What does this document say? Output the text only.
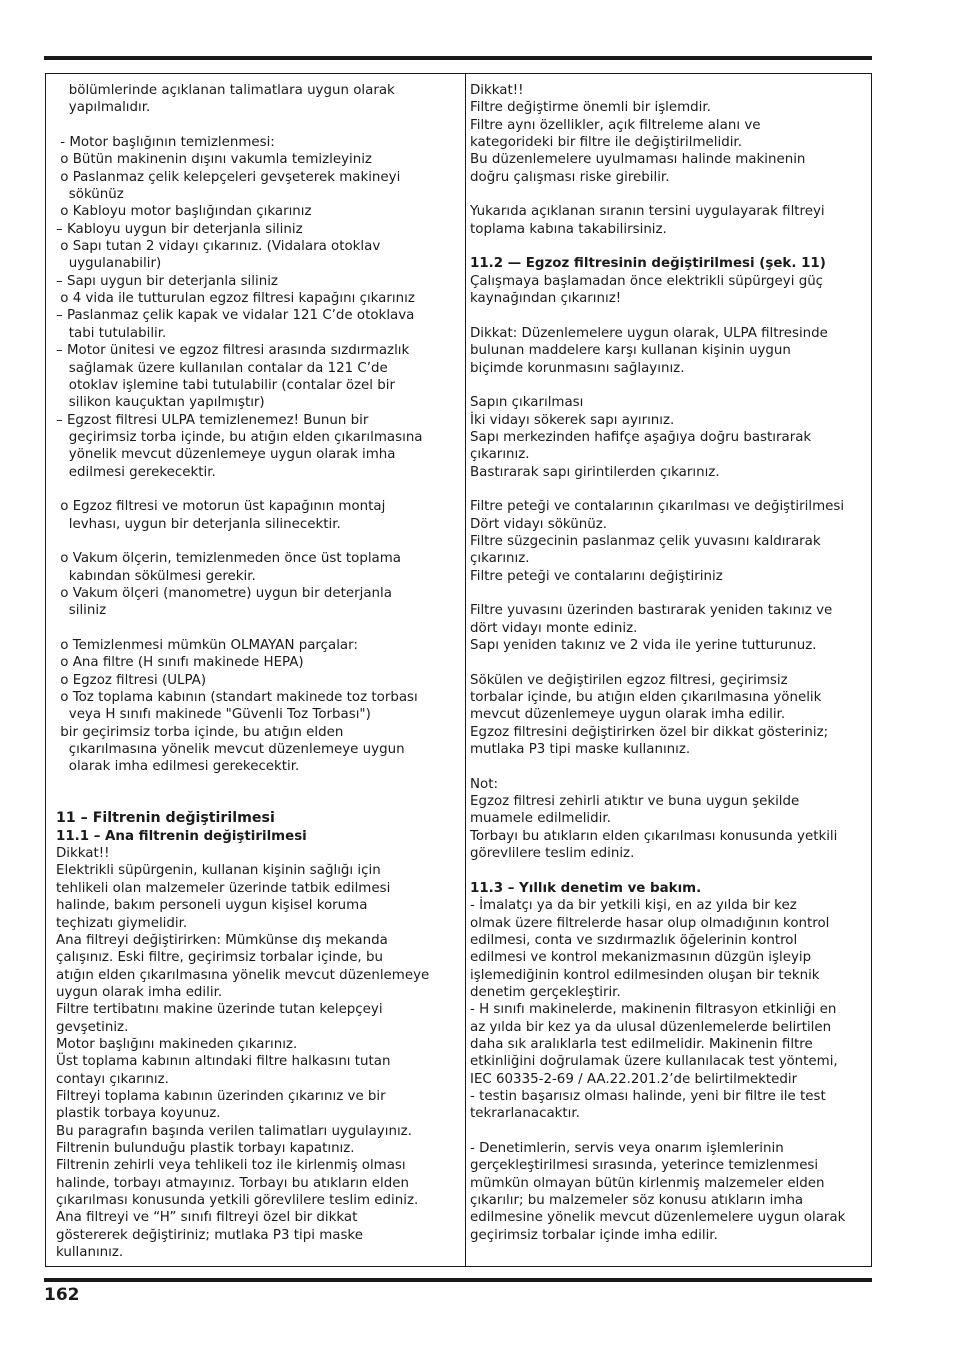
bölümlerinde açıklanan talimatlara uygun olarak
yapılmalıdır.
- Motor başlığının temizlenmesi:
o Bütün makinenin dışını vakumla temizleyiniz
o Paslanmaz çelik kelepçeleri gevşeterek makineyi
sökünüz
o Kabloyu motor başlığından çıkarınız
– Kabloyu uygun bir deterjanla siliniz
o Sapı tutan 2 vidayı çıkarınız. (Vidalara otoklav
uygulanabilir)
– Sapı uygun bir deterjanla siliniz
o 4 vida ile tutturulan egzoz filtresi kapağını çıkarınız
– Paslanmaz çelik kapak ve vidalar 121 C’de otoklava
tabi tutulabilir.
– Motor ünitesi ve egzoz filtresi arasında sızdırmazlık
sağlamak üzere kullanılan contalar da 121 C’de
otoklav işlemine tabi tutulabilir (contalar özel bir
silikon kauçuktan yapılmıştır)
– Egzost filtresi ULPA temizlenemez! Bunun bir
geçirimsiz torba içinde, bu atığın elden çıkarılmasına
yönelik mevcut düzenlemeye uygun olarak imha
edilmesi gerekecektir.
o Egzoz filtresi ve motorun üst kapağının montaj
levhası, uygun bir deterjanla silinecektir.
o Vakum ölçerin, temizlenmeden önce üst toplama
kabından sökülmesi gerekir.
o Vakum ölçeri (manometre) uygun bir deterjanla
siliniz
o Temizlenmesi mümkün OLMAYAN parçalar:
o Ana filtre (H sınıfı makinede HEPA)
o Egzoz filtresi (ULPA)
o Toz toplama kabının (standart makinede toz torbası
veya H sınıfı makinede "Güvenli Toz Torbası")
bir geçirimsiz torba içinde, bu atığın elden
çıkarılmasına yönelik mevcut düzenlemeye uygun
olarak imha edilmesi gerekecektir.
11 – Filtrenin değiştirilmesi
11.1 – Ana filtrenin değiştirilmesi
Dikkat!!
Elektrikli süpürgenin, kullanan kişinin sağlığı için
tehlikeli olan malzemeler üzerinde tatbik edilmesi
halinde, bakım personeli uygun kişisel koruma
teçhizatı giymelidir.
Ana filtreyi değiştirirken: Mümkünse dış mekanda
çalışınız. Eski filtre, geçirimsiz torbalar içinde, bu
atığın elden çıkarılmasına yönelik mevcut düzenlemeye
uygun olarak imha edilir.
Filtre tertibatını makine üzerinde tutan kelepçeyi
gevşetiniz.
Motor başlığını makineden çıkarınız.
Üst toplama kabının altındaki filtre halkasını tutan
contayı çıkarınız.
Filtreyi toplama kabının üzerinden çıkarınız ve bir
plastik torbaya koyunuz.
Bu paragrafın başında verilen talimatları uygulayınız.
Filtrenin bulunduğu plastik torbayı kapatınız.
Filtrenin zehirli veya tehlikeli toz ile kirlenmiş olması
halinde, torbayı atmayınız. Torbayı bu atıkların elden
çıkarılması konusunda yetkili görevlilere teslim ediniz.
Ana filtreyi ve “H” sınıfı filtreyi özel bir dikkat
göstererek değiştiriniz; mutlaka P3 tipi maske
kullanınız.
Dikkat!!
Filtre değiştirme önemli bir işlemdir.
Filtre aynı özellikler, açık filtreleme alanı ve
kategorideki bir filtre ile değiştirilmelidir.
Bu düzenlemelere uyulmaması halinde makinenin
doğru çalışması riske girebilir.
Yukarıda açıklanan sıranın tersini uygulayarak filtreyi
toplama kabına takabilirsiniz.
11.2 — Egzoz filtresinin değiştirilmesi (şek. 11)
Çalışmaya başlamadan önce elektrikli süpürgeyi güç
kaynağından çıkarınız!
Dikkat: Düzenlemelere uygun olarak, ULPA filtresinde
bulunan maddelere karşı kullanan kişinin uygun
biçimde korunmasını sağlayınız.
Sapın çıkarılması
İki vidayı sökerek sapı ayırınız.
Sapı merkezinden hafifçe aşağıya doğru bastırarak
çıkarınız.
Bastırarak sapı girintilerden çıkarınız.
Filtre peteği ve contalarının çıkarılması ve değiştirilmesi
Dört vidayı sökünüz.
Filtre süzgecinin paslanmaz çelik yuvasını kaldırarak
çıkarınız.
Filtre peteği ve contalarını değiştiriniz
Filtre yuvasını üzerinden bastırarak yeniden takınız ve
dört vidayı monte ediniz.
Sapı yeniden takınız ve 2 vida ile yerine tutturunuz.
Sökülen ve değiştirilen egzoz filtresi, geçirimsiz
torbalar içinde, bu atığın elden çıkarılmasına yönelik
mevcut düzenlemeye uygun olarak imha edilir.
Egzoz filtresini değiştirirken özel bir dikkat gösteriniz;
mutlaka P3 tipi maske kullanınız.
Not:
Egzoz filtresi zehirli atıktır ve buna uygun şekilde
muamele edilmelidir.
Torbayı bu atıkların elden çıkarılması konusunda yetkili
görevlilere teslim ediniz.
11.3 – Yıllık denetim ve bakım.
- İmalatçı ya da bir yetkili kişi, en az yılda bir kez
olmak üzere filtrelerde hasar olup olmadığının kontrol
edilmesi, conta ve sızdırmazlık öğelerinin kontrol
edilmesi ve kontrol mekanizmasının düzgün işleyip
işlemediğinin kontrol edilmesinden oluşan bir teknik
denetim gerçekleştirir.
- H sınıfı makinelerde, makinenin filtrasyon etkinliği en
az yılda bir kez ya da ulusal düzenlemelerde belirtilen
daha sık aralıklarla test edilmelidir. Makinenin filtre
etkinliğini doğrulamak üzere kullanılacak test yöntemi,
IEC 60335-2-69 / AA.22.201.2’de belirtilmektedir
- testin başarısız olması halinde, yeni bir filtre ile test
tekrarlanacaktır.
- Denetimlerin, servis veya onarım işlemlerinin
gerçekleştirilmesi sırasında, yeterince temizlenmesi
mümkün olmayan bütün kirlenmiş malzemeler elden
çıkarılır; bu malzemeler söz konusu atıkların imha
edilmesine yönelik mevcut düzenlemelere uygun olarak
geçirimsiz torbalar içinde imha edilir.
162
